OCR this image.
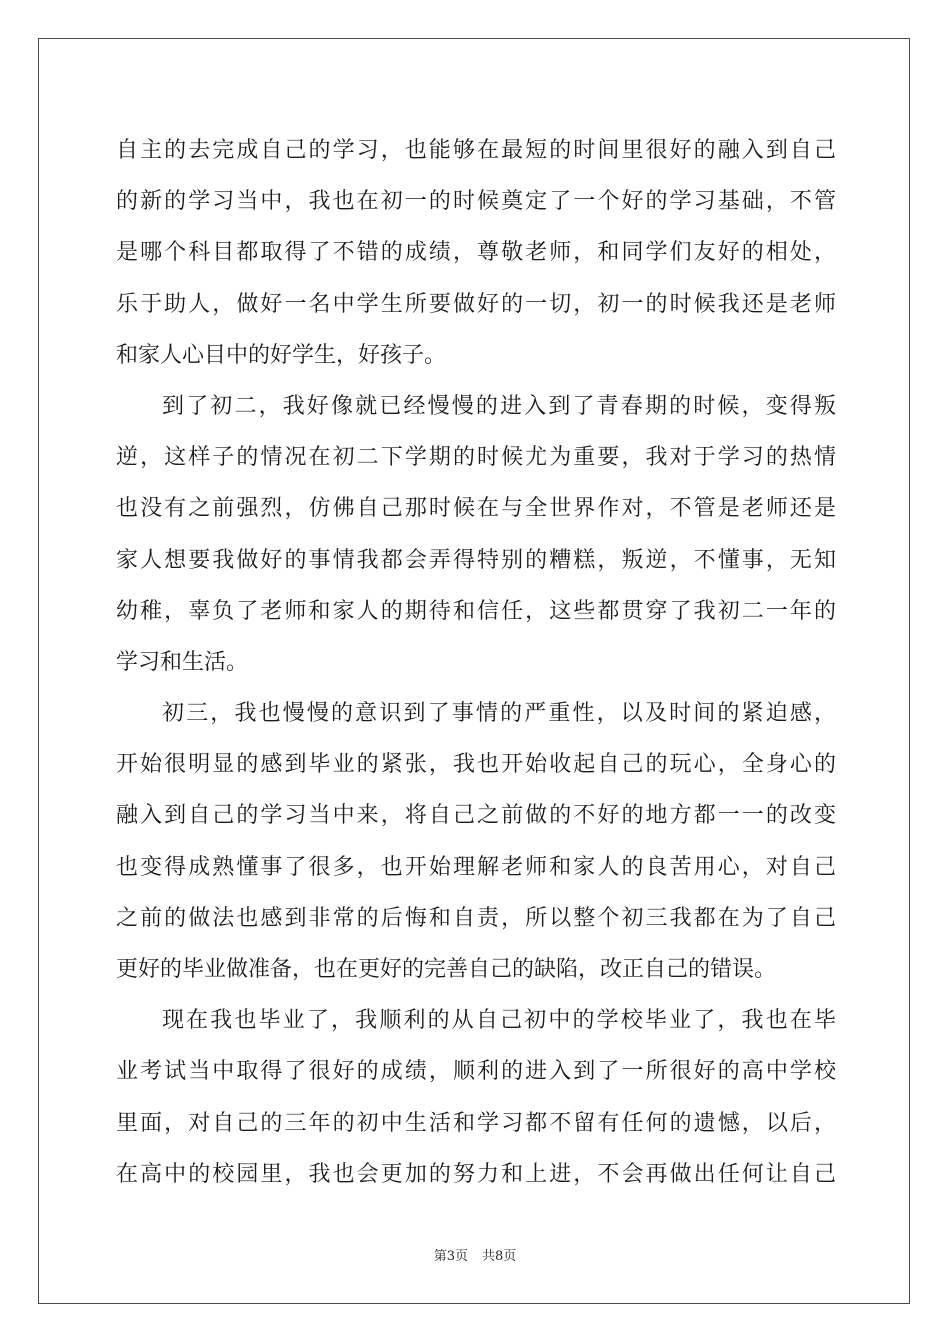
自主的去完成自己的学习，也能够在最短的时间里很好的融入到自己
的新的学习当中，我也在初一的时候奠定了一个好的学习基础，不管
是哪个科目都取得了不错的成绩，尊敬老师，和同学们友好的相处，
乐于助人，做好一名中学生所要做好的一切，初一的时候我还是老师
和家人心目中的好学生，好孩子。
到了初二，我好像就已经慢慢的进入到了青春期的时候，变得叛
逆，这样子的情况在初二下学期的时候尤为重要，我对于学习的热情
也没有之前强烈，仿佛自己那时候在与全世界作对，不管是老师还是
家人想要我做好的事情我都会弄得特别的糟糕，叛逆，不懂事，无知
幼稚，辜负了老师和家人的期待和信任，这些都贯穿了我初二一年的
学习和生活。
初三，我也慢慢的意识到了事情的严重性，以及时间的紧迫感，
开始很明显的感到毕业的紧张，我也开始收起自己的玩心，全身心的
融入到自己的学习当中来，将自己之前做的不好的地方都一一的改变
也变得成熟懂事了很多，也开始理解老师和家人的良苦用心，对自己
之前的做法也感到非常的后悔和自责，所以整个初三我都在为了自己
更好的毕业做准备，也在更好的完善自己的缺陷，改正自己的错误。
现在我也毕业了，我顺利的从自己初中的学校毕业了，我也在毕
业考试当中取得了很好的成绩，顺利的进入到了一所很好的高中学校
里面，对自己的三年的初中生活和学习都不留有任何的遗憾，以后，
在高中的校园里，我也会更加的努力和上进，不会再做出任何让自己
第3页 共8页
